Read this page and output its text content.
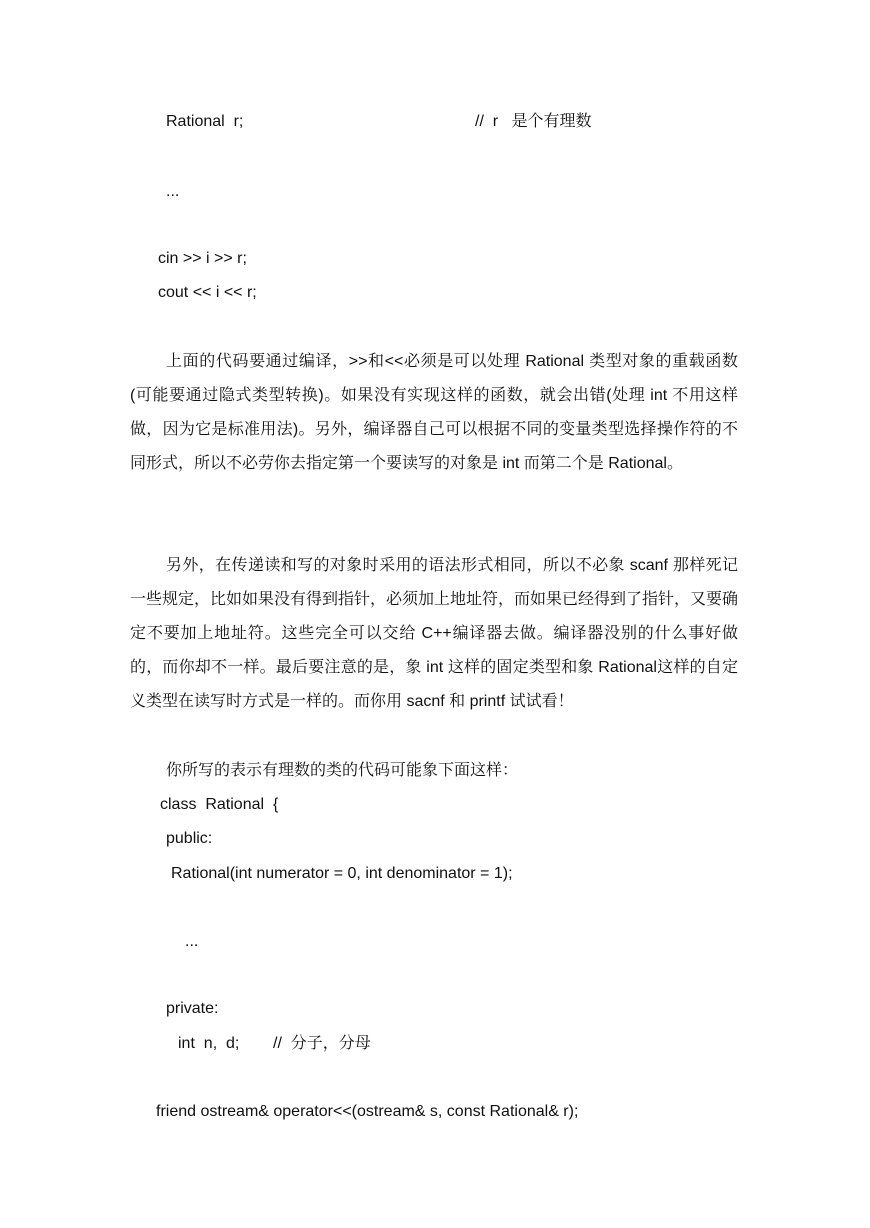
Rational  r;	//  r   是个有理数
...
cin >> i >> r;
cout << i << r;

上面的代码要通过编译，>>和<<必须是可以处理 Rational 类型对象的重载函数(可能要通过隐式类型转换)。如果没有实现这样的函数，就会出错(处理 int 不用这样做，因为它是标准用法)。另外，编译器自己可以根据不同的变量类型选择操作符的不同形式，所以不必劳你去指定第一个要读写的对象是 int 而第二个是 Rational。

另外，在传递读和写的对象时采用的语法形式相同，所以不必象 scanf 那样死记一些规定，比如如果没有得到指针，必须加上地址符，而如果已经得到了指针，又要确定不要加上地址符。这些完全可以交给 C++编译器去做。编译器没别的什么事好做的，而你却不一样。最后要注意的是，象 int 这样的固定类型和象 Rational这样的自定义类型在读写时方式是一样的。而你用 sacnf 和 printf 试试看！

你所写的表示有理数的类的代码可能象下面这样：
class  Rational  {
public:
Rational(int numerator = 0, int denominator = 1);
...
private:
int  n,  d; //  分子，分母
friend ostream& operator<<(ostream& s, const Rational& r);
